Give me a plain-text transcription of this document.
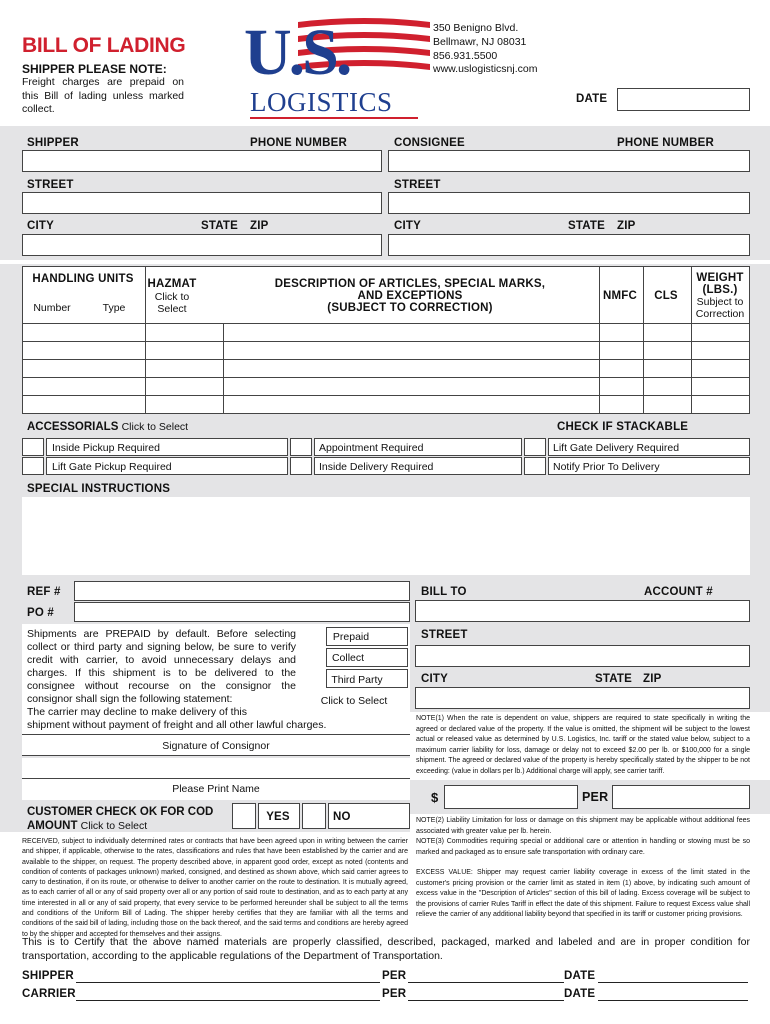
BILL OF LADING
SHIPPER PLEASE NOTE:
Freight charges are prepaid on this Bill of lading unless marked collect.
U.S.
LOGISTICS
350 Benigno Blvd.
Bellmawr, NJ 08031
856.931.5500
www.uslogisticsnj.com
DATE
SHIPPER	PHONE NUMBER
STREET
CITY	STATE ZIP
CONSIGNEE	PHONE NUMBER
STREET
CITY	STATE ZIP
HANDLING UNITS
Number	Type
HAZMAT
Click to Select
DESCRIPTION OF ARTICLES, SPECIAL MARKS,
AND EXCEPTIONS
(SUBJECT TO CORRECTION)
NMFC	CLS
WEIGHT
(LBS.)
Subject to Correction
ACCESSORIALS Click to Select	CHECK IF STACKABLE
Inside Pickup Required	Appointment Required	Lift Gate Delivery Required
Lift Gate Pickup Required	Inside Delivery Required	Notify Prior To Delivery
SPECIAL INSTRUCTIONS
REF #
PO #
Shipments are PREPAID by default. Before selecting collect or third party and signing below, be sure to verify credit with carrier, to avoid unnecessary delays and charges. If this shipment is to be delivered to the consignee without recourse on the consignor the consignor shall sign the following statement:
The carrier may decline to make delivery of this
shipment without payment of freight and all other lawful charges.
Prepaid
Collect
Third Party
Click to Select
Signature of Consignor
Please Print Name
CUSTOMER CHECK OK FOR COD
AMOUNT Click to Select
YES	NO
RECEIVED, subject to individually determined rates or contracts that have been agreed upon in writing between the carrier and shipper, if applicable, otherwise to the rates, classifications and rules that have been established by the carrier and are available to the shipper, on request. The property described above, in apparent good order, except as noted (contents and condition of contents of packages unknown) marked, consigned, and destined as shown above, which said carrier agrees to carry to destination, if on its route, or otherwise to deliver to another carrier on the route to destination. It is mutually agreed, as to each carrier of all or any of said property over all or any portion of said route to destination, and as to each party at any time interested in all or any of said property, that every service to be performed hereunder shall be subject to all the terms and conditions of the Uniform Bill of Lading. The shipper hereby certifies that they are familiar with all the terms and conditions of the said bill of lading, including those on the back thereof, and the said terms and conditions are hereby agreed to by the shipper and accepted for themselves and their assigns.
BILL TO	ACCOUNT #
STREET
CITY	STATE ZIP
NOTE(1) When the rate is dependent on value, shippers are required to state specifically in writing the agreed or declared value of the property. If the value is omitted, the shipment will be subject to the lowest actual or released value as determined by U.S. Logistics, Inc. tariff or the stated value below, subject to a maximum carrier liability for loss, damage or delay not to exceed $2.00 per lb. or $100,000 for a single shipment. The agreed or declared value of the property is hereby specifically stated by the shipper to be not exceeding: (value in dollars per lb.) Additional charge will apply, see carrier tariff.
$	PER
NOTE(2) Liability Limitation for loss or damage on this shipment may be applicable without additional fees associated with greater value per lb. herein.
NOTE(3) Commodities requiring special or additional care or attention in handling or stowing must be so marked and packaged as to ensure safe transportation with ordinary care.
EXCESS VALUE: Shipper may request carrier liability coverage in excess of the limit stated in the customer's pricing provision or the carrier limit as stated in item (1) above, by indicating such amount of excess value in the "Description of Articles" section of this bill of lading. Excess coverage will be subject to the provisions of carrier Rules Tariff in effect the date of this shipment. Failure to request Excess value shall relieve the carrier of any additional liability beyond that specified in its tariff or customer pricing provisions.
This is to Certify that the above named materials are properly classified, described, packaged, marked and labeled and are in proper condition for transportation, according to the applicable regulations of the Department of Transportation.
SHIPPER	PER	DATE
CARRIER	PER	DATE
